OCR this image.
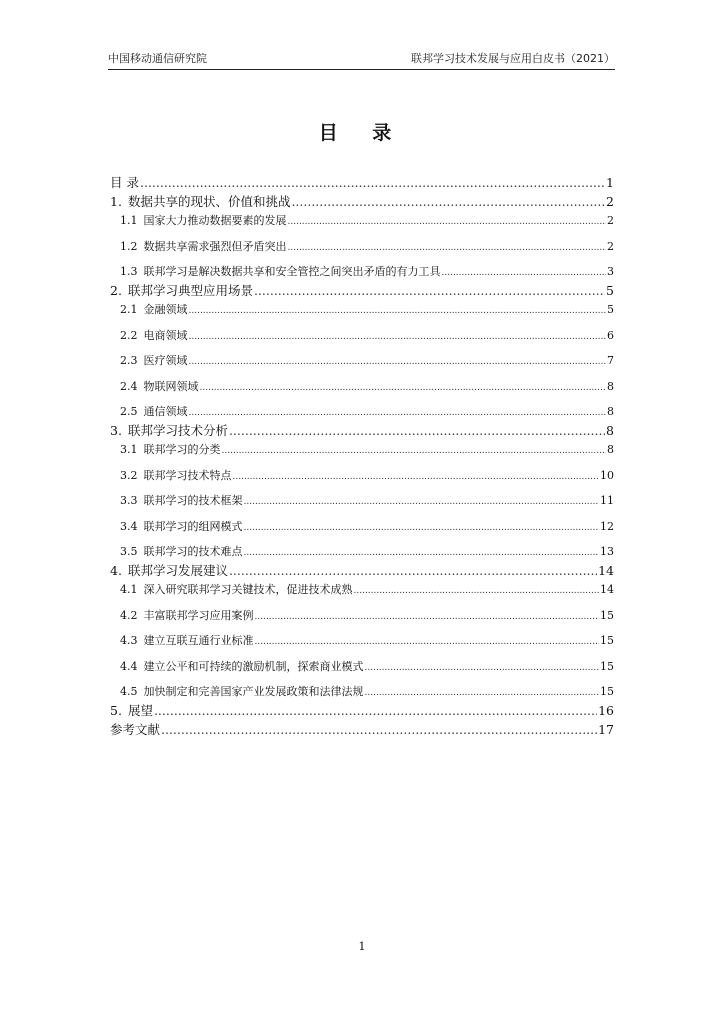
中国移动通信研究院	联邦学习技术发展与应用白皮书（2021）
目 录
目 录 .....	1
1. 数据共享的现状、价值和挑战 .....	2
1.1 国家大力推动数据要素的发展 .....	2
1.2 数据共享需求强烈但矛盾突出 .....	2
1.3 联邦学习是解决数据共享和安全管控之间突出矛盾的有力工具 .....	3
2. 联邦学习典型应用场景 .....	5
2.1 金融领域 .....	5
2.2 电商领域 .....	6
2.3 医疗领域 .....	7
2.4 物联网领域 .....	8
2.5 通信领域 .....	8
3. 联邦学习技术分析 .....	8
3.1 联邦学习的分类 .....	8
3.2 联邦学习技术特点 .....	10
3.3 联邦学习的技术框架 .....	11
3.4 联邦学习的组网模式 .....	12
3.5 联邦学习的技术难点 .....	13
4. 联邦学习发展建议 .....	14
4.1 深入研究联邦学习关键技术，促进技术成熟 .....	14
4.2 丰富联邦学习应用案例 .....	15
4.3 建立互联互通行业标准 .....	15
4.4 建立公平和可持续的激励机制，探索商业模式 .....	15
4.5 加快制定和完善国家产业发展政策和法律法规 .....	15
5. 展望 .....	16
参考文献 .....	17
1
